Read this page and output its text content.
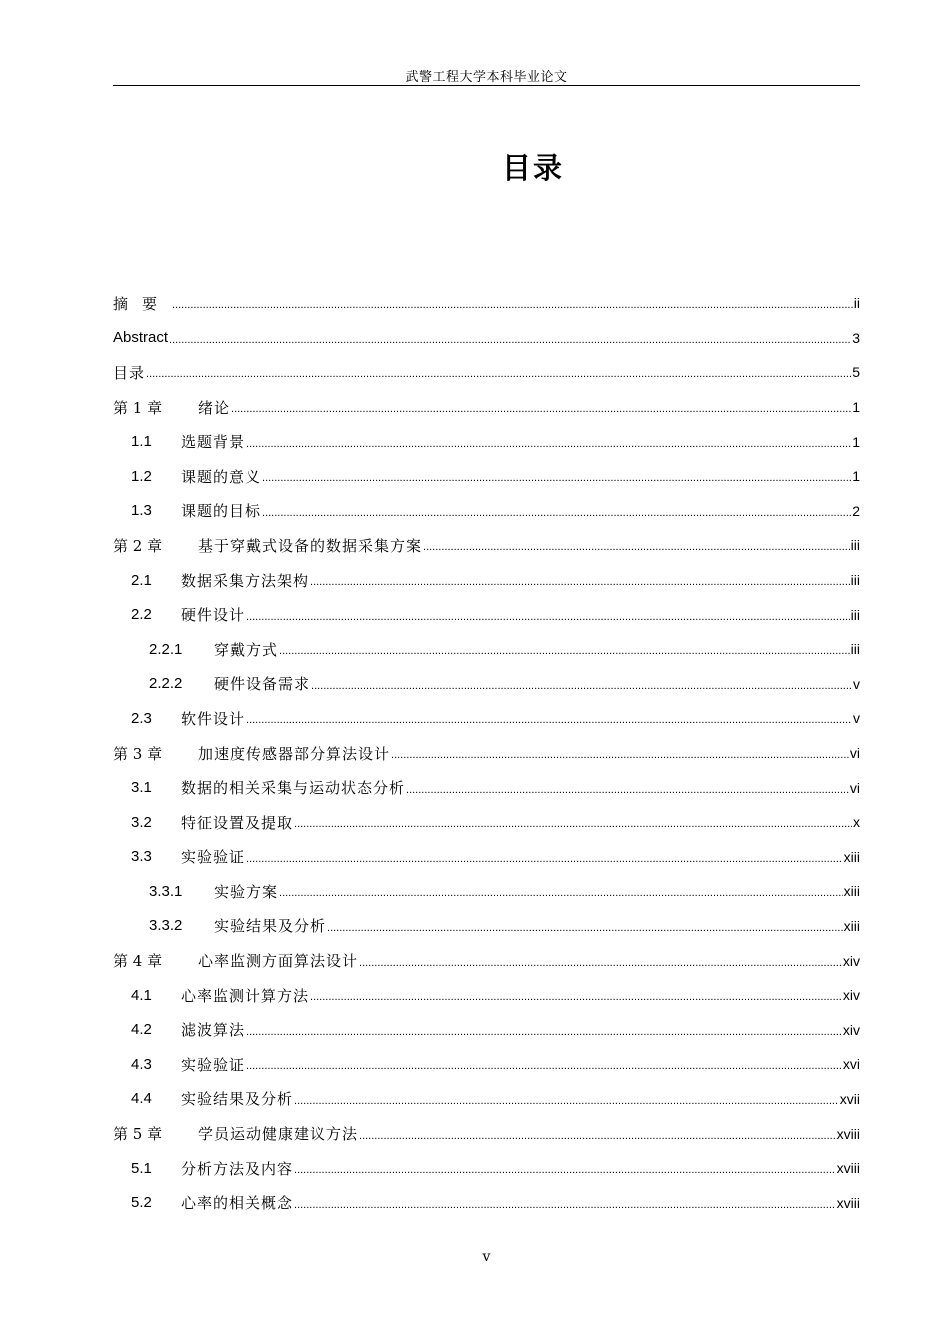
武警工程大学本科毕业论文
目录
摘要 .....	ii
Abstract .....	3
目录 .....	5
第 1 章	绪论 .....	1
1.1	选题背景 .....	1
1.2	课题的意义 .....	1
1.3	课题的目标 .....	2
第 2 章	基于穿戴式设备的数据采集方案 .....	iii
2.1	数据采集方法架构 .....	iii
2.2	硬件设计 .....	iii
2.2.1	穿戴方式 .....	iii
2.2.2	硬件设备需求 .....	v
2.3	软件设计 .....	v
第 3 章	加速度传感器部分算法设计 .....	vi
3.1	数据的相关采集与运动状态分析 .....	vi
3.2	特征设置及提取 .....	x
3.3	实验验证 .....	xiii
3.3.1	实验方案 .....	xiii
3.3.2	实验结果及分析 .....	xiii
第 4 章	心率监测方面算法设计 .....	xiv
4.1	心率监测计算方法 .....	xiv
4.2	滤波算法 .....	xiv
4.3	实验验证 .....	xvi
4.4	实验结果及分析 .....	xvii
第 5 章	学员运动健康建议方法 .....	xviii
5.1	分析方法及内容 .....	xviii
5.2	心率的相关概念 .....	xviii
v
